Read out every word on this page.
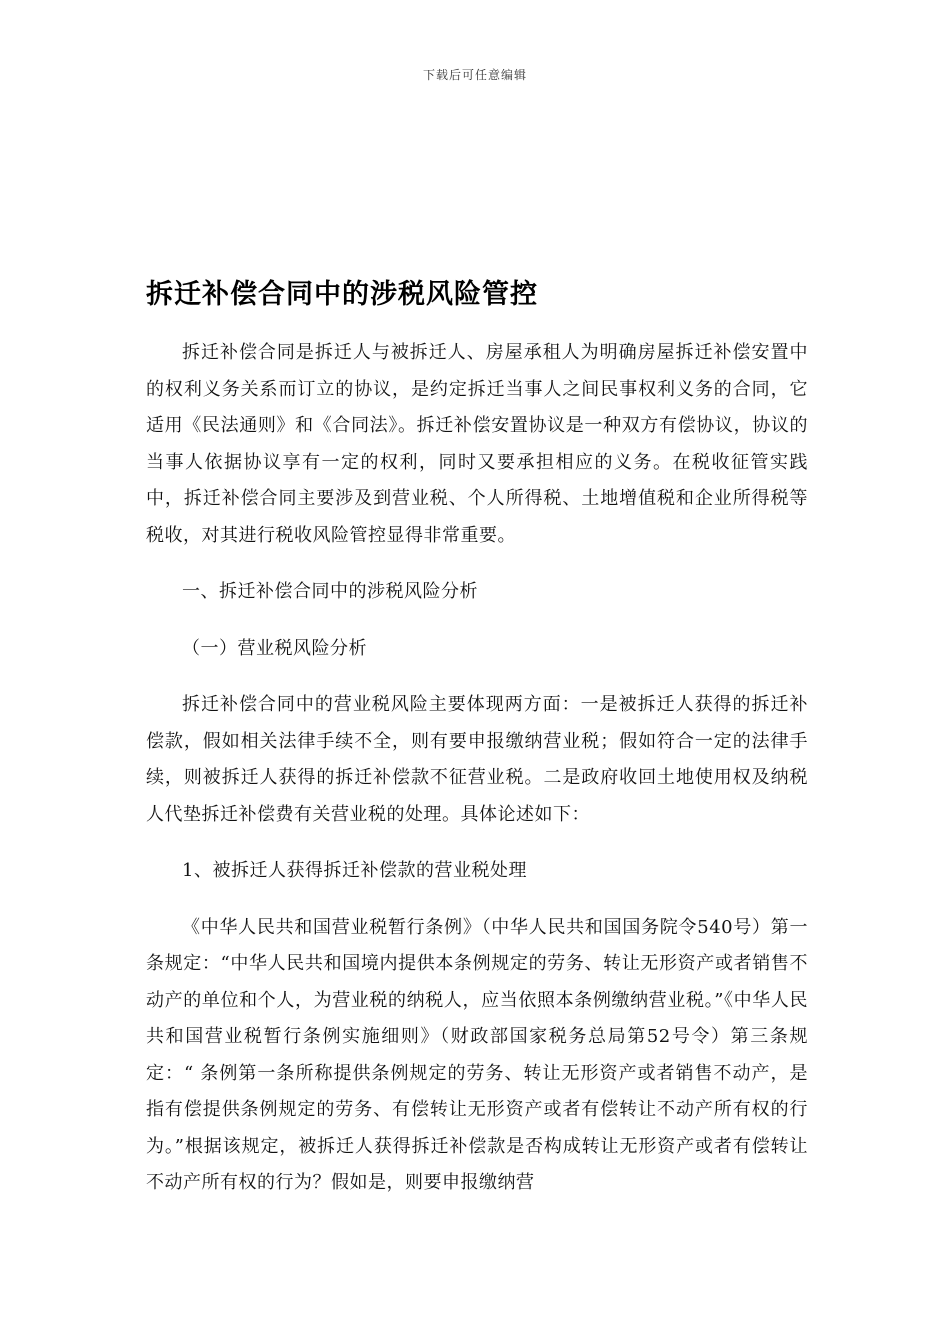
下载后可任意编辑
拆迁补偿合同中的涉税风险管控

拆迁补偿合同是拆迁人与被拆迁人、房屋承租人为明确房屋拆迁补偿安置中的权利义务关系而订立的协议，是约定拆迁当事人之间民事权利义务的合同，它适用《民法通则》和《合同法》。拆迁补偿安置协议是一种双方有偿协议，协议的当事人依据协议享有一定的权利，同时又要承担相应的义务。在税收征管实践中，拆迁补偿合同主要涉及到营业税、个人所得税、土地增值税和企业所得税等税收，对其进行税收风险管控显得非常重要。

一、拆迁补偿合同中的涉税风险分析

（一）营业税风险分析

拆迁补偿合同中的营业税风险主要体现两方面：一是被拆迁人获得的拆迁补偿款，假如相关法律手续不全，则有要申报缴纳营业税；假如符合一定的法律手续，则被拆迁人获得的拆迁补偿款不征营业税。二是政府收回土地使用权及纳税人代垫拆迁补偿费有关营业税的处理。具体论述如下：

1、被拆迁人获得拆迁补偿款的营业税处理

《中华人民共和国营业税暂行条例》（中华人民共和国国务院令540号）第一条规定：“中华人民共和国境内提供本条例规定的劳务、转让无形资产或者销售不动产的单位和个人，为营业税的纳税人，应当依照本条例缴纳营业税。”《中华人民共和国营业税暂行条例实施细则》（财政部国家税务总局第52号令）第三条规定：“ 条例第一条所称提供条例规定的劳务、转让无形资产或者销售不动产，是指有偿提供条例规定的劳务、有偿转让无形资产或者有偿转让不动产所有权的行为。”根据该规定，被拆迁人获得拆迁补偿款是否构成转让无形资产或者有偿转让不动产所有权的行为？假如是，则要申报缴纳营
